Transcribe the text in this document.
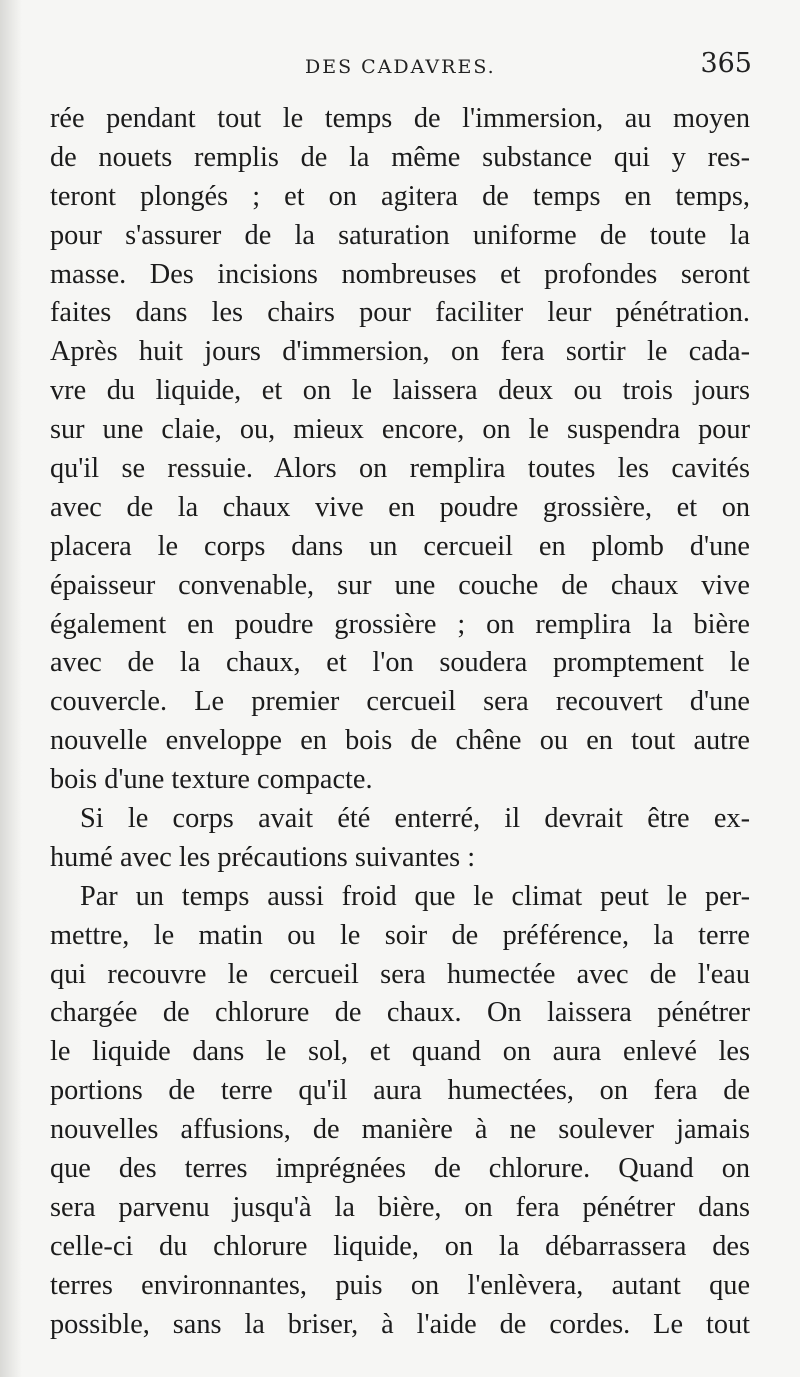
DES CADAVRES.	365
rée pendant tout le temps de l'immersion, au moyen
de nouets remplis de la même substance qui y res-
teront plongés ; et on agitera de temps en temps,
pour s'assurer de la saturation uniforme de toute la
masse. Des incisions nombreuses et profondes seront
faites dans les chairs pour faciliter leur pénétration.
Après huit jours d'immersion, on fera sortir le cada-
vre du liquide, et on le laissera deux ou trois jours
sur une claie, ou, mieux encore, on le suspendra pour
qu'il se ressuie. Alors on remplira toutes les cavités
avec de la chaux vive en poudre grossière, et on
placera le corps dans un cercueil en plomb d'une
épaisseur convenable, sur une couche de chaux vive
également en poudre grossière ; on remplira la bière
avec de la chaux, et l'on soudera promptement le
couvercle. Le premier cercueil sera recouvert d'une
nouvelle enveloppe en bois de chêne ou en tout autre
bois d'une texture compacte.
Si le corps avait été enterré, il devrait être ex-
humé avec les précautions suivantes :
Par un temps aussi froid que le climat peut le per-
mettre, le matin ou le soir de préférence, la terre
qui recouvre le cercueil sera humectée avec de l'eau
chargée de chlorure de chaux. On laissera pénétrer
le liquide dans le sol, et quand on aura enlevé les
portions de terre qu'il aura humectées, on fera de
nouvelles affusions, de manière à ne soulever jamais
que des terres imprégnées de chlorure. Quand on
sera parvenu jusqu'à la bière, on fera pénétrer dans
celle-ci du chlorure liquide, on la débarrassera des
terres environnantes, puis on l'enlèvera, autant que
possible, sans la briser, à l'aide de cordes. Le tout
